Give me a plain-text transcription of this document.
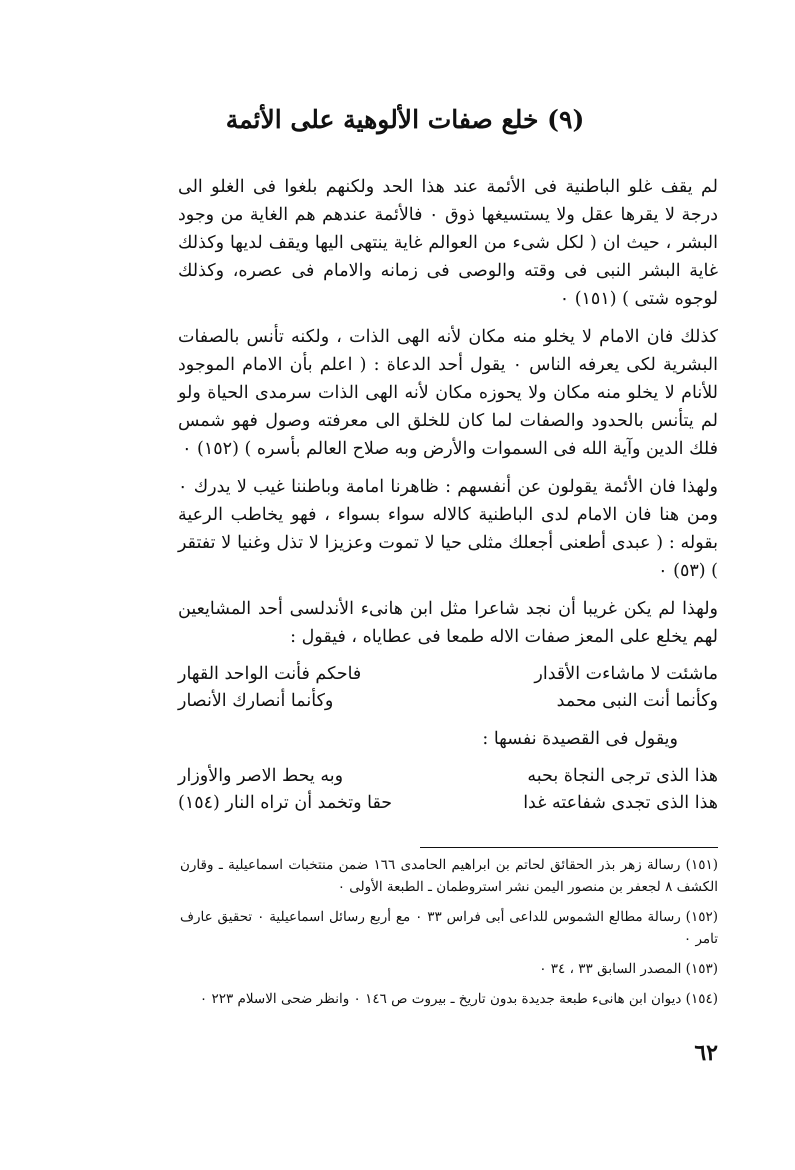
(٩) خلع صفات الألوهية على الأئمة

لم يقف غلو الباطنية فى الأئمة عند هذا الحد ولكنهم بلغوا فى الغلو الى درجة لا يقرها عقل ولا يستسيغها ذوق ٠ فالأئمة عندهم هم الغاية من وجود البشر ، حيث ان ( لكل شىء من العوالم غاية ينتهى اليها ويقف لديها وكذلك غاية البشر النبى فى وقته والوصى فى زمانه والامام فى عصره، وكذلك لوجوه شتى ) (١٥١) ٠

كذلك فان الامام لا يخلو منه مكان لأنه الهى الذات ، ولكنه تأنس بالصفات البشرية لكى يعرفه الناس ٠ يقول أحد الدعاة : ( اعلم بأن الامام الموجود للأنام لا يخلو منه مكان ولا يحوزه مكان لأنه الهى الذات سرمدى الحياة ولو لم يتأنس بالحدود والصفات لما كان للخلق الى معرفته وصول فهو شمس فلك الدين وآية الله فى السموات والأرض وبه صلاح العالم بأسره ) (١٥٢) ٠

ولهذا فان الأئمة يقولون عن أنفسهم : ظاهرنا امامة وباطننا غيب لا يدرك ٠ ومن هنا فان الامام لدى الباطنية كالاله سواء بسواء ، فهو يخاطب الرعية بقوله : ( عبدى أطعنى أجعلك مثلى حيا لا تموت وعزيزا لا تذل وغنيا لا تفتقر ) (٥٣) ٠

ولهذا لم يكن غريبا أن نجد شاعرا مثل ابن هانىء الأندلسى أحد المشايعين لهم يخلع على المعز صفات الاله طمعا فى عطاياه ، فيقول :

ماشئت لا ماشاءت الأقدار
فاحكم فأنت الواحد القهار
وكأنما أنت النبى محمد
وكأنما أنصارك الأنصار
ويقول فى القصيدة نفسها :
هذا الذى ترجى النجاة بحبه
وبه يحط الاصر والأوزار
هذا الذى تجدى شفاعته غدا
حقا وتخمد أن تراه النار (١٥٤)

(١٥١) رسالة زهر بذر الحقائق لحاتم بن ابراهيم الحامدى ١٦٦ ضمن منتخبات اسماعيلية ـ وقارن الكشف ٨ لجعفر بن منصور اليمن نشر استروطمان ـ الطبعة الأولى ٠

(١٥٢) رسالة مطالع الشموس للداعى أبى فراس ٣٣ ٠ مع أربع رسائل اسماعيلية ٠ تحقيق عارف تامر ٠

(١٥٣) المصدر السابق ٣٣ ، ٣٤ ٠

(١٥٤) ديوان ابن هانىء طبعة جديدة بدون تاريخ ـ بيروت ص ١٤٦ ٠ وانظر ضحى الاسلام ٢٢٣ ٠

٦٢
